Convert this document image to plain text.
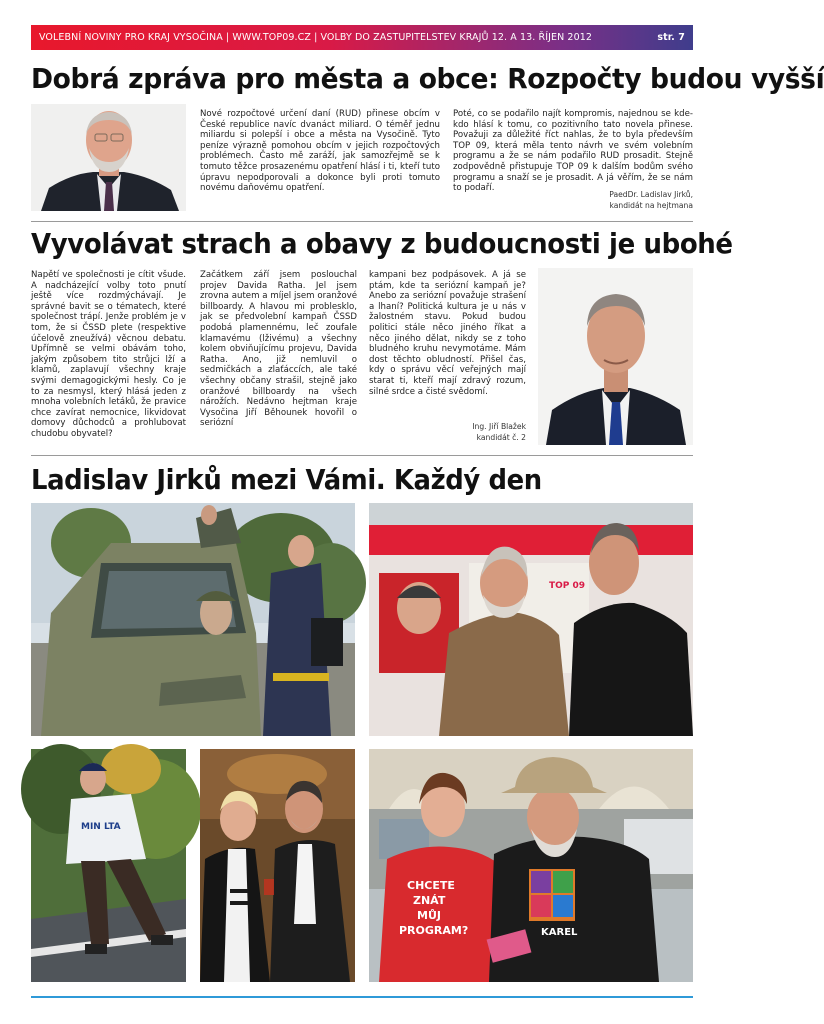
VOLEBNÍ NOVINY PRO KRAJ VYSOČINA | WWW.TOP09.CZ | VOLBY DO ZASTUPITELSTEV KRAJŮ 12. A 13. ŘÍJEN 2012	str. 7
Dobrá zpráva pro města a obce: Rozpočty budou vyšší

Nové rozpočtové určení daní (RUD) přinese obcím v České republice navíc dvanáct miliard. O téměř jednu miliardu si polepší i obce a města na Vysočině. Tyto peníze výrazně pomohou obcím v jejich rozpočtových problémech. Často mě zaráží, jak samozřejmě se k tomuto těžce prosazenému opatření hlásí i ti, kteří tuto úpravu nepodporovali a dokonce byli proti tomuto novému daňovému opatření.

Poté, co se podařilo najít kompromis, najednou se kde-kdo hlásí k tomu, co pozitivního tato novela přinese. Považuji za důležité říct nahlas, že to byla především TOP 09, která měla tento návrh ve svém volebním programu a že se nám podařilo RUD prosadit. Stejně zodpovědně přistupuje TOP 09 k dalším bodům svého programu a snaží se je prosadit. A já věřím, že se nám to podaří.

PaedDr. Ladislav Jirků,
kandidát na hejtmana
Vyvolávat strach a obavy z budoucnosti je ubohé

Napětí ve společnosti je cítit všude. A nadcházející volby toto pnutí ještě více rozdmýchávají. Je správné bavit se o tématech, které společnost trápí. Jenže problém je v tom, že si ČSSD plete (respektive účelově zneužívá) věcnou debatu. Upřímně se velmi obávám toho, jakým způsobem tito strůjci lží a klamů, zaplavují všechny kraje svými demagogickými hesly. Co je to za nesmysl, který hlásá jeden z mnoha volebních letáků, že pravice chce zavírat nemocnice, likvidovat domovy důchodců a prohlubovat chudobu obyvatel?

Začátkem září jsem poslouchal projev Davida Ratha. Jel jsem zrovna autem a míjel jsem oranžové billboardy. A hlavou mi problesklo, jak se předvolební kampaň ČSSD podobá plamennému, leč zoufale klamavému (lživému) a všechny kolem obviňujícímu projevu, Davida Ratha. Ano, již nemluvil o sedmičkách a zlaťáccích, ale také všechny občany strašil, stejně jako oranžové billboardy na všech nárožích. Nedávno hejtman kraje Vysočina Jiří Běhounek hovořil o seriózní

kampani bez podpásovek. A já se ptám, kde ta seriózní kampaň je? Anebo za seriózní považuje strašení a lhaní? Politická kultura je u nás v žalostném stavu. Pokud budou politici stále něco jiného říkat a něco jiného dělat, nikdy se z toho bludného kruhu nevymotáme. Mám dost těchto obludností. Přišel čas, kdy o správu věcí veřejných mají starat ti, kteří mají zdravý rozum, silné srdce a čisté svědomí.

Ing. Jiří Blažek
kandidát č. 2
Ladislav Jirků mezi Vámi. Každý den
TOP 09
MIN LTA
CHCETE
ZNÁT
MŮJ
PROGRAM?	KAREL
